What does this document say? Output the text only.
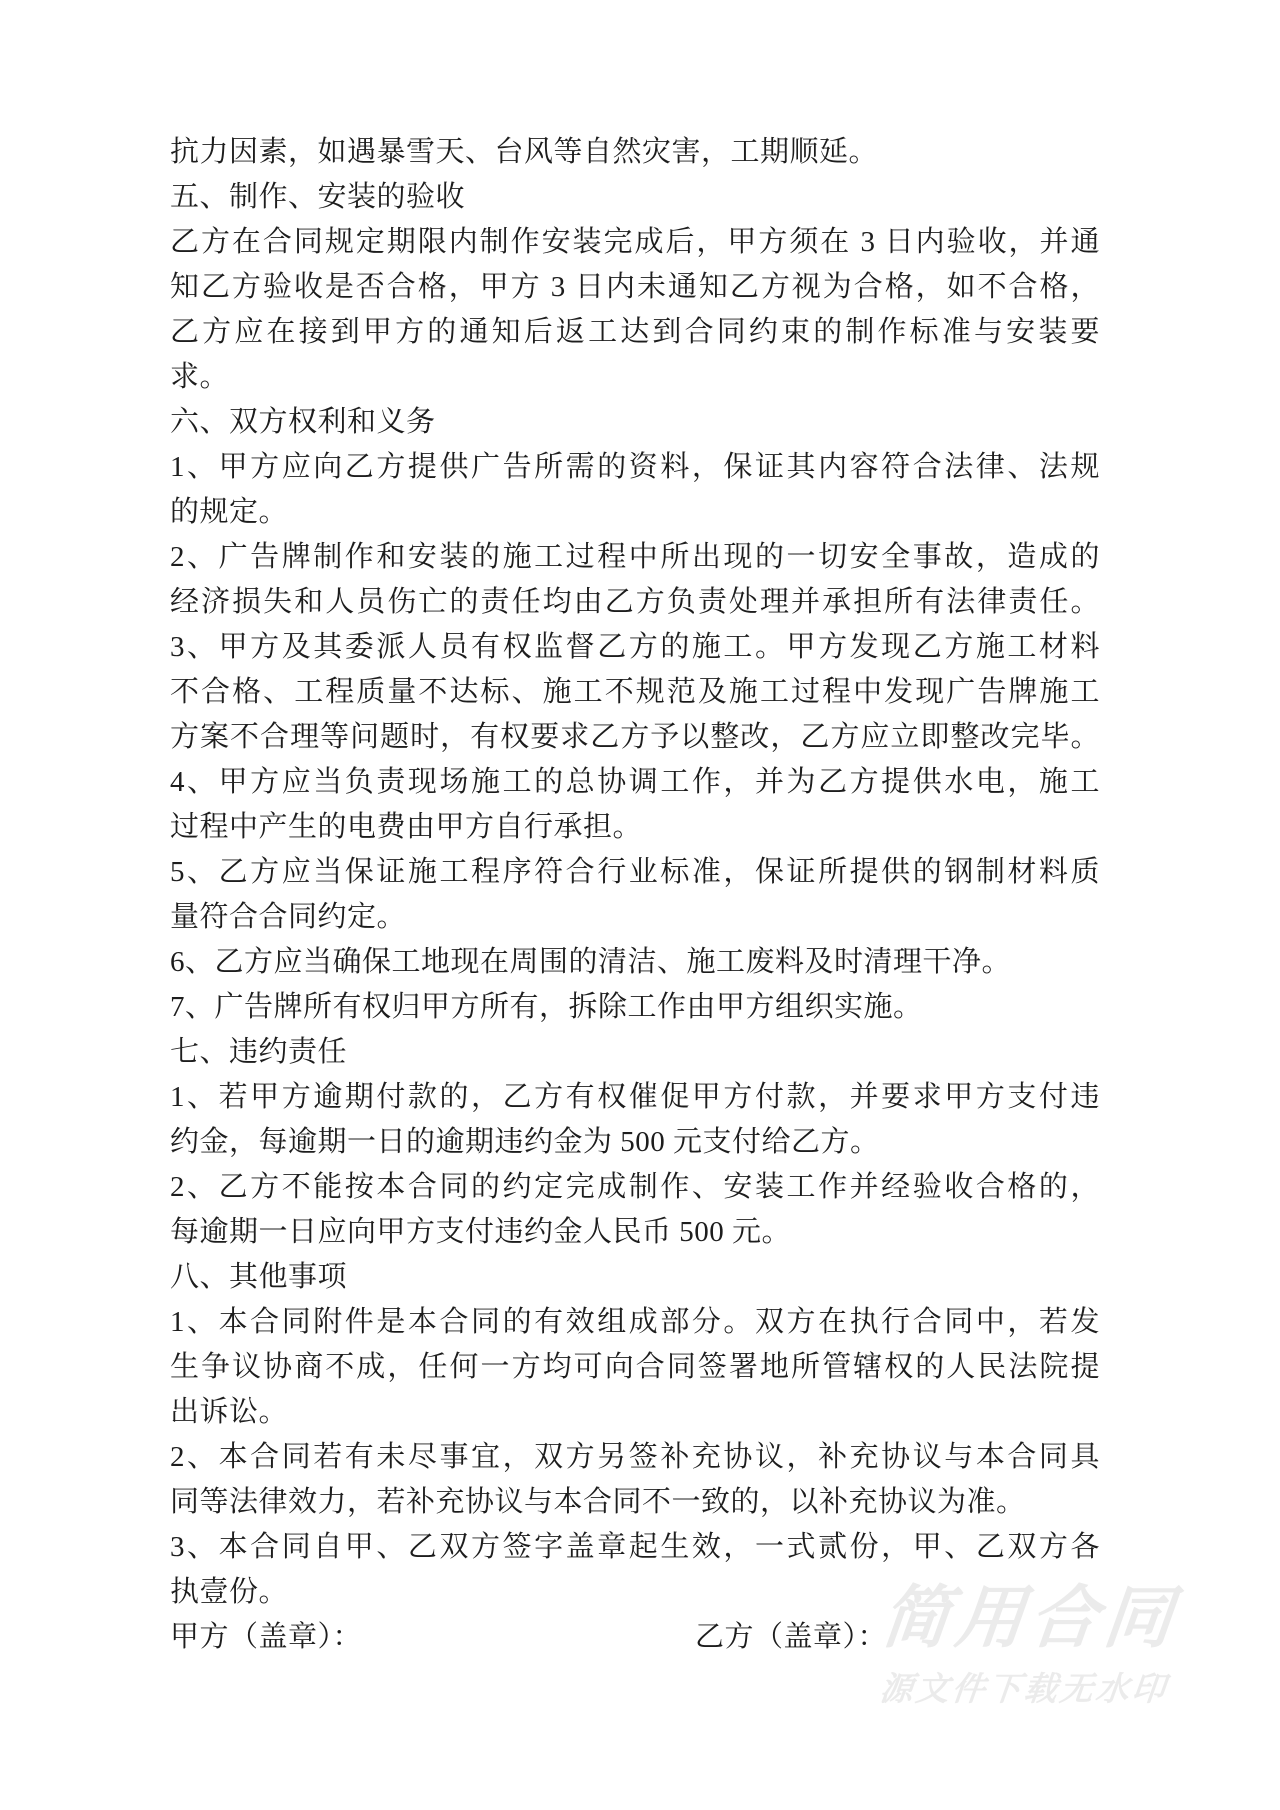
抗力因素，如遇暴雪天、台风等自然灾害，工期顺延。
五、制作、安装的验收
乙方在合同规定期限内制作安装完成后，甲方须在 3 日内验收，并通
知乙方验收是否合格，甲方 3 日内未通知乙方视为合格，如不合格，
乙方应在接到甲方的通知后返工达到合同约束的制作标准与安装要
求。
六、双方权利和义务
1、甲方应向乙方提供广告所需的资料，保证其内容符合法律、法规
的规定。
2、广告牌制作和安装的施工过程中所出现的一切安全事故，造成的
经济损失和人员伤亡的责任均由乙方负责处理并承担所有法律责任。
3、甲方及其委派人员有权监督乙方的施工。甲方发现乙方施工材料
不合格、工程质量不达标、施工不规范及施工过程中发现广告牌施工
方案不合理等问题时，有权要求乙方予以整改，乙方应立即整改完毕。
4、甲方应当负责现场施工的总协调工作，并为乙方提供水电，施工
过程中产生的电费由甲方自行承担。
5、乙方应当保证施工程序符合行业标准，保证所提供的钢制材料质
量符合合同约定。
6、乙方应当确保工地现在周围的清洁、施工废料及时清理干净。
7、广告牌所有权归甲方所有，拆除工作由甲方组织实施。
七、违约责任
1、若甲方逾期付款的，乙方有权催促甲方付款，并要求甲方支付违
约金，每逾期一日的逾期违约金为 500 元支付给乙方。
2、乙方不能按本合同的约定完成制作、安装工作并经验收合格的，
每逾期一日应向甲方支付违约金人民币 500 元。
八、其他事项
1、本合同附件是本合同的有效组成部分。双方在执行合同中，若发
生争议协商不成，任何一方均可向合同签署地所管辖权的人民法院提
出诉讼。
2、本合同若有未尽事宜，双方另签补充协议，补充协议与本合同具
同等法律效力，若补充协议与本合同不一致的，以补充协议为准。
3、本合同自甲、乙双方签字盖章起生效，一式贰份，甲、乙双方各
执壹份。
甲方（盖章）：	乙方（盖章）：
简用合同
源文件下载无水印
